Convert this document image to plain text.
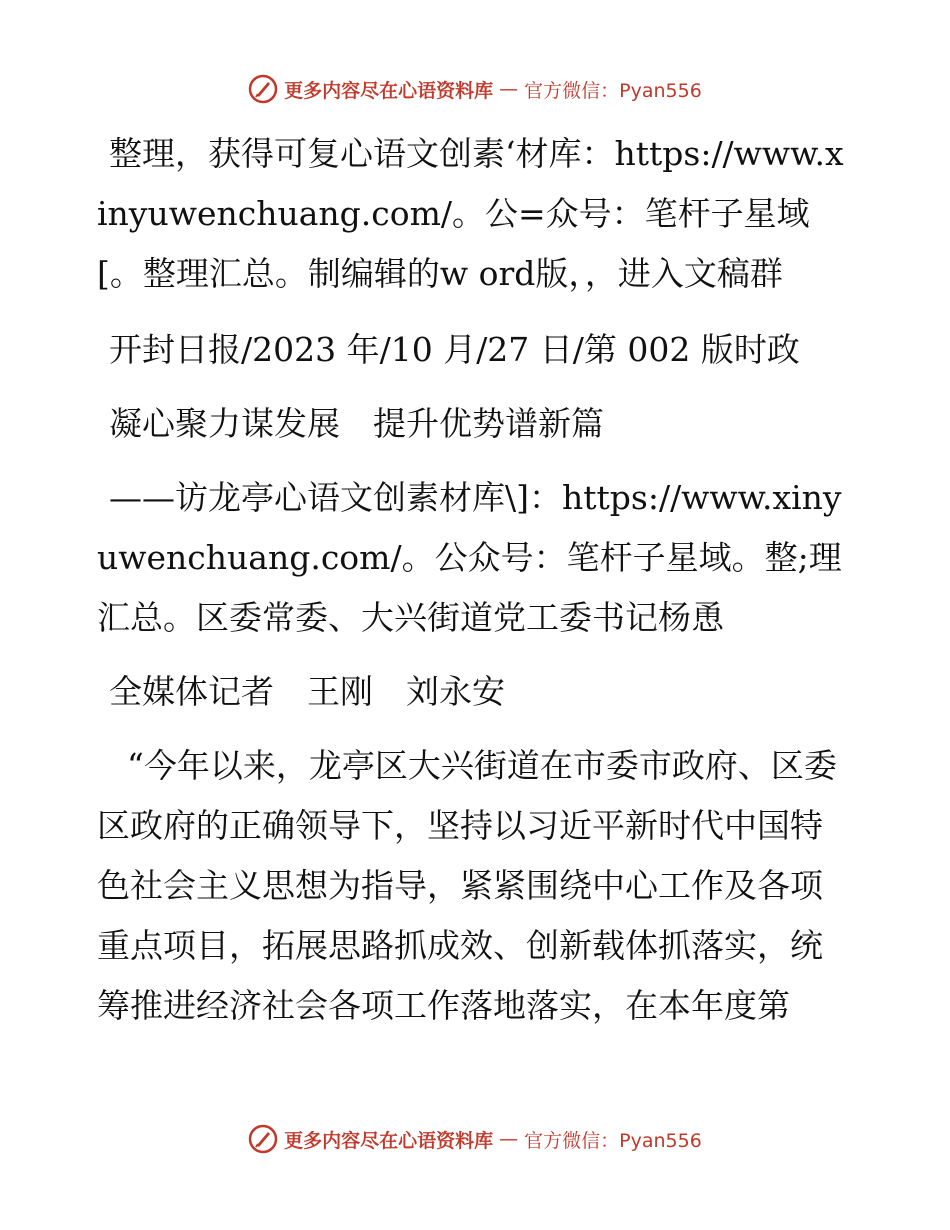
更多内容尽在心语资料库 — 官方微信：Pyan556

整理，获得可复心语文创素‘材库：https://www.xinyuwenchuang.com/。公=众号：笔杆子星域[。整理汇总。制编辑的w ord版，，进入文稿群

开封日报/2023 年/10 月/27 日/第 002 版时政

凝心聚力谋发展　提升优势谱新篇

——访龙亭心语文创素材库\]：https://www.xinyuwenchuang.com/。公众号：笔杆子星域。整;理汇总。区委常委、大兴街道党工委书记杨恿

全媒体记者　王刚　刘永安

“今年以来，龙亭区大兴街道在市委市政府、区委区政府的正确领导下，坚持以习近平新时代中国特色社会主义思想为指导，紧紧围绕中心工作及各项重点项目，拓展思路抓成效、创新载体抓落实，统筹推进经济社会各项工作落地落实，在本年度第

更多内容尽在心语资料库 — 官方微信：Pyan556
